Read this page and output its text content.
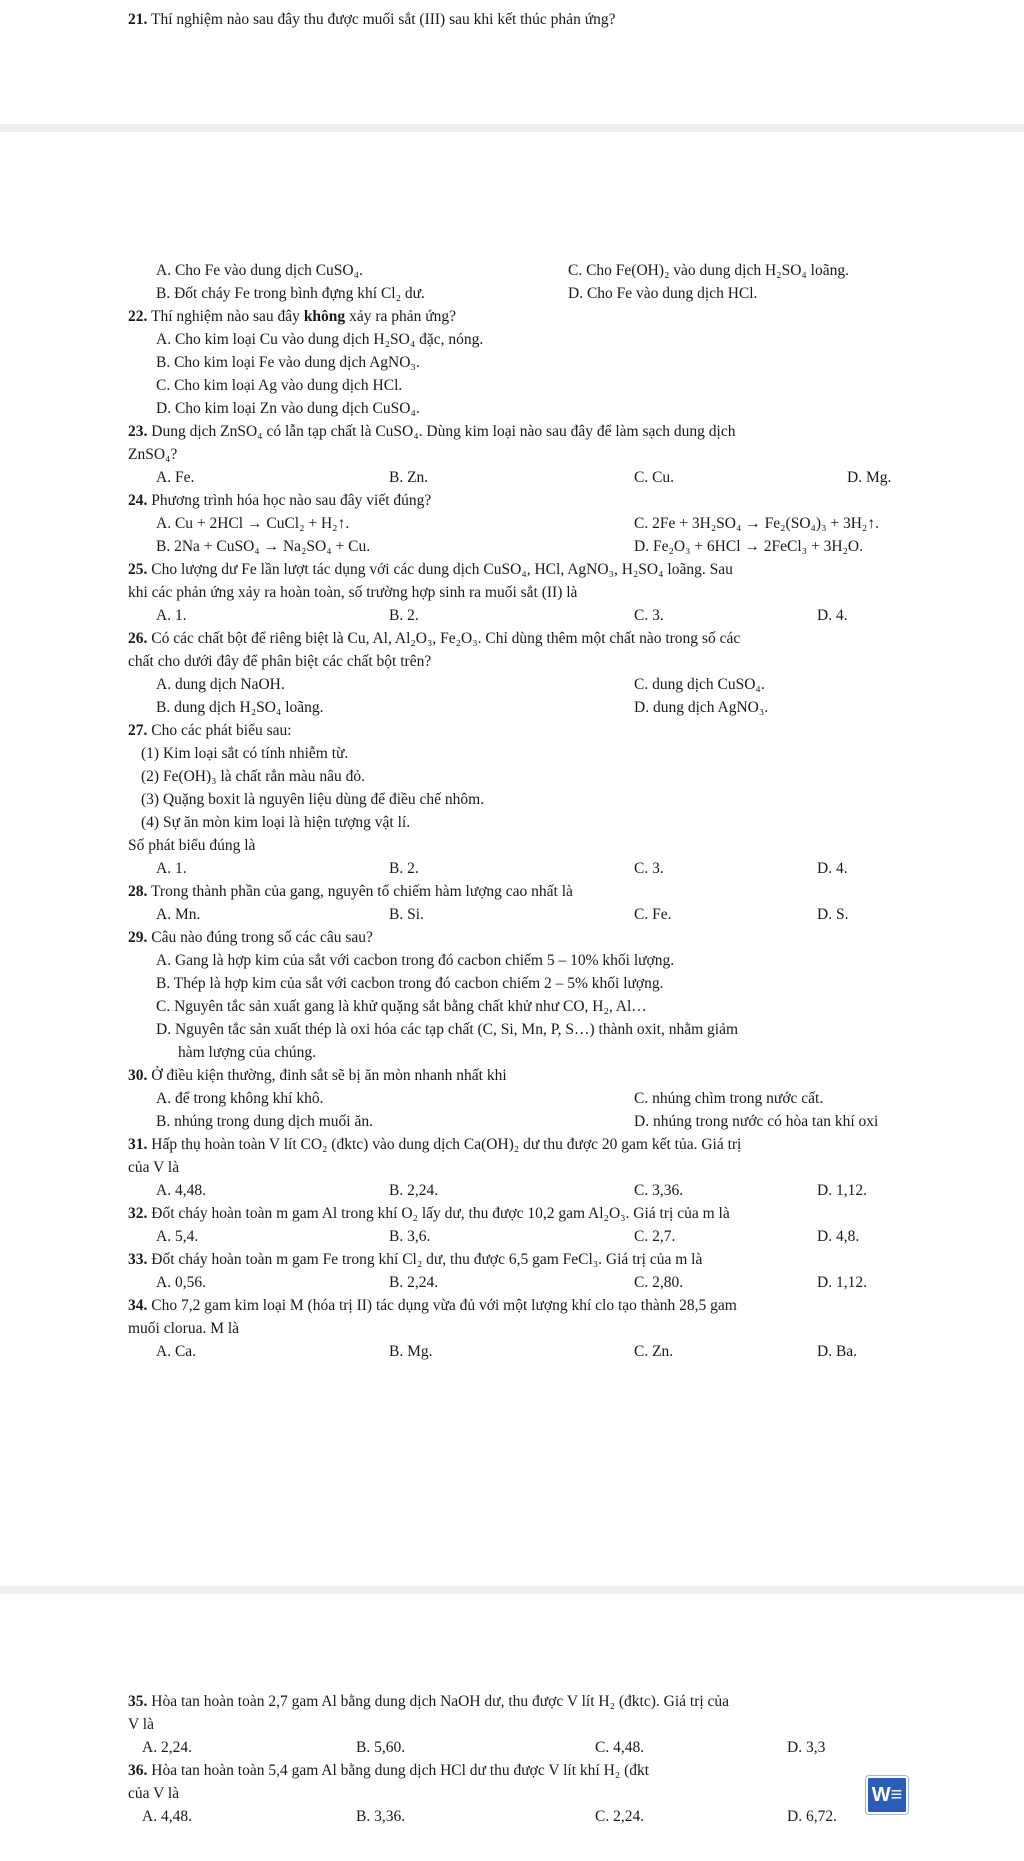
21. Thí nghiệm nào sau đây thu được muối sắt (III) sau khi kết thúc phản ứng?
A. Cho Fe vào dung dịch CuSO₄.	C. Cho Fe(OH)₂ vào dung dịch H₂SO₄ loãng.
B. Đốt cháy Fe trong bình đựng khí Cl₂ dư.	D. Cho Fe vào dung dịch HCl.
22. Thí nghiệm nào sau đây không xảy ra phản ứng?
A. Cho kim loại Cu vào dung dịch H₂SO₄ đặc, nóng.
B. Cho kim loại Fe vào dung dịch AgNO₃.
C. Cho kim loại Ag vào dung dịch HCl.
D. Cho kim loại Zn vào dung dịch CuSO₄.
23. Dung dịch ZnSO₄ có lẫn tạp chất là CuSO₄. Dùng kim loại nào sau đây để làm sạch dung dịch
ZnSO₄?
A. Fe.	B. Zn.	C. Cu.	D. Mg.
24. Phương trình hóa học nào sau đây viết đúng?
A. Cu + 2HCl → CuCl₂ + H₂↑.	C. 2Fe + 3H₂SO₄ → Fe₂(SO₄)₃ + 3H₂↑.
B. 2Na + CuSO₄ → Na₂SO₄ + Cu.	D. Fe₂O₃ + 6HCl → 2FeCl₃ + 3H₂O.
25. Cho lượng dư Fe lần lượt tác dụng với các dung dịch CuSO₄, HCl, AgNO₃, H₂SO₄ loãng. Sau
khi các phản ứng xảy ra hoàn toàn, số trường hợp sinh ra muối sắt (II) là
A. 1.	B. 2.	C. 3.	D. 4.
26. Có các chất bột để riêng biệt là Cu, Al, Al₂O₃, Fe₂O₃. Chỉ dùng thêm một chất nào trong số các
chất cho dưới đây để phân biệt các chất bột trên?
A. dung dịch NaOH.	C. dung dịch CuSO₄.
B. dung dịch H₂SO₄ loãng.	D. dung dịch AgNO₃.
27. Cho các phát biểu sau:
(1) Kim loại sắt có tính nhiễm từ.
(2) Fe(OH)₃ là chất rắn màu nâu đỏ.
(3) Quặng boxit là nguyên liệu dùng để điều chế nhôm.
(4) Sự ăn mòn kim loại là hiện tượng vật lí.
Số phát biểu đúng là
A. 1.	B. 2.	C. 3.	D. 4.
28. Trong thành phần của gang, nguyên tố chiếm hàm lượng cao nhất là
A. Mn.	B. Si.	C. Fe.	D. S.
29. Câu nào đúng trong số các câu sau?
A. Gang là hợp kim của sắt với cacbon trong đó cacbon chiếm 5 – 10% khối lượng.
B. Thép là hợp kim của sắt với cacbon trong đó cacbon chiếm 2 – 5% khối lượng.
C. Nguyên tắc sản xuất gang là khử quặng sắt bằng chất khử như CO, H₂, Al…
D. Nguyên tắc sản xuất thép là oxi hóa các tạp chất (C, Si, Mn, P, S…) thành oxit, nhằm giảm
hàm lượng của chúng.
30. Ở điều kiện thường, đinh sắt sẽ bị ăn mòn nhanh nhất khi
A. để trong không khí khô.	C. nhúng chìm trong nước cất.
B. nhúng trong dung dịch muối ăn.	D. nhúng trong nước có hòa tan khí oxi
31. Hấp thụ hoàn toàn V lít CO₂ (đktc) vào dung dịch Ca(OH)₂ dư thu được 20 gam kết tủa. Giá trị
của V là
A. 4,48.	B. 2,24.	C. 3,36.	D. 1,12.
32. Đốt cháy hoàn toàn m gam Al trong khí O₂ lấy dư, thu được 10,2 gam Al₂O₃. Giá trị của m là
A. 5,4.	B. 3,6.	C. 2,7.	D. 4,8.
33. Đốt cháy hoàn toàn m gam Fe trong khí Cl₂ dư, thu được 6,5 gam FeCl₃. Giá trị của m là
A. 0,56.	B. 2,24.	C. 2,80.	D. 1,12.
34. Cho 7,2 gam kim loại M (hóa trị II) tác dụng vừa đủ với một lượng khí clo tạo thành 28,5 gam
muối clorua. M là
A. Ca.	B. Mg.	C. Zn.	D. Ba.
35. Hòa tan hoàn toàn 2,7 gam Al bằng dung dịch NaOH dư, thu được V lít H₂ (đktc). Giá trị của
V là
A. 2,24.	B. 5,60.	C. 4,48.	D. 3,3
36. Hòa tan hoàn toàn 5,4 gam Al bằng dung dịch HCl dư thu được V lít khí H₂ (đkt
của V là
A. 4,48.	B. 3,36.	C. 2,24.	D. 6,72.
W≡
